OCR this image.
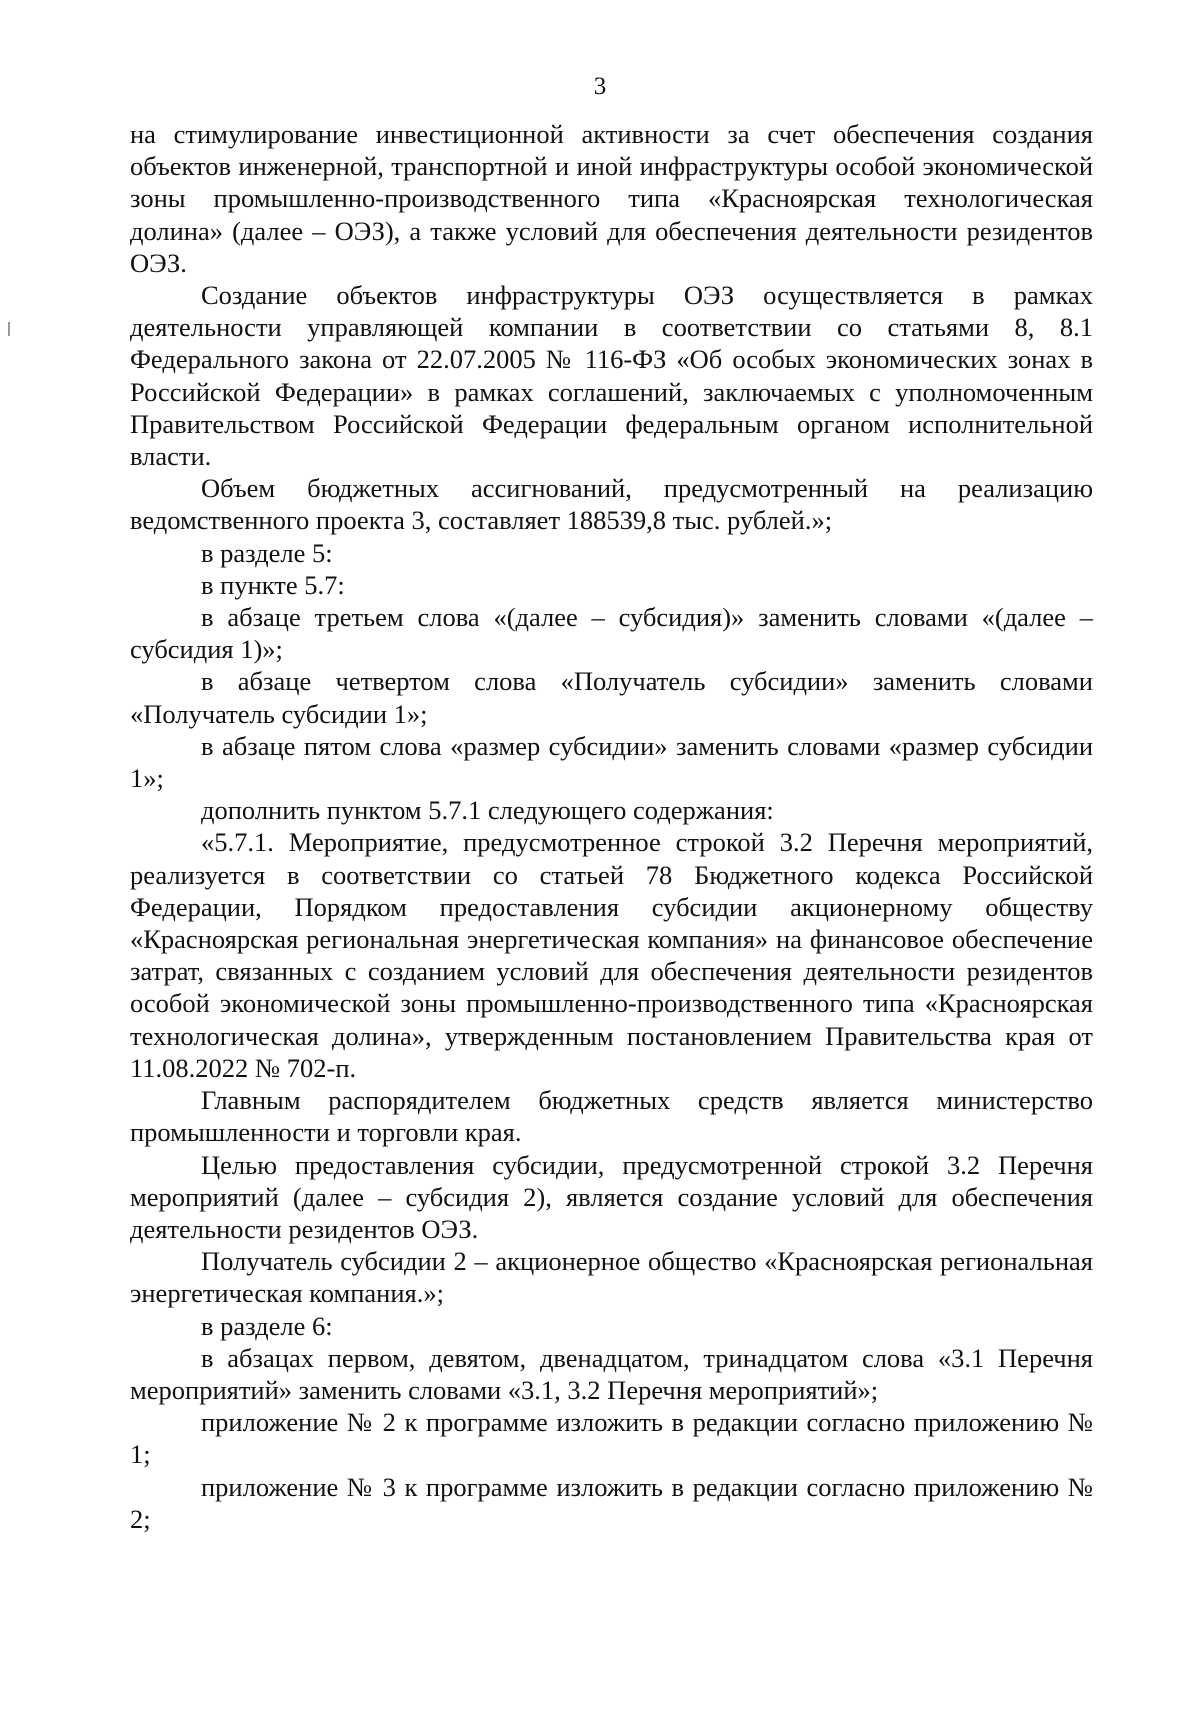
3

на стимулирование инвестиционной активности за счет обеспечения создания объектов инженерной, транспортной и иной инфраструктуры особой экономической зоны промышленно-производственного типа «Красноярская технологическая долина» (далее – ОЭЗ), а также условий для обеспечения деятельности резидентов ОЭЗ.

Создание объектов инфраструктуры ОЭЗ осуществляется в рамках деятельности управляющей компании в соответствии со статьями 8, 8.1 Федерального закона от 22.07.2005 № 116-ФЗ «Об особых экономических зонах в Российской Федерации» в рамках соглашений, заключаемых с уполномоченным Правительством Российской Федерации федеральным органом исполнительной власти.

Объем бюджетных ассигнований, предусмотренный на реализацию ведомственного проекта 3, составляет 188539,8 тыс. рублей.»;

в разделе 5:

в пункте 5.7:

в абзаце третьем слова «(далее – субсидия)» заменить словами «(далее – субсидия 1)»;

в абзаце четвертом слова «Получатель субсидии» заменить словами «Получатель субсидии 1»;

в абзаце пятом слова «размер субсидии» заменить словами «размер субсидии 1»;

дополнить пунктом 5.7.1 следующего содержания:

«5.7.1. Мероприятие, предусмотренное строкой 3.2 Перечня мероприятий, реализуется в соответствии со статьей 78 Бюджетного кодекса Российской Федерации, Порядком предоставления субсидии акционерному обществу «Красноярская региональная энергетическая компания» на финансовое обеспечение затрат, связанных с созданием условий для обеспечения деятельности резидентов особой экономической зоны промышленно-производственного типа «Красноярская технологическая долина», утвержденным постановлением Правительства края от 11.08.2022 № 702-п.

Главным распорядителем бюджетных средств является министерство промышленности и торговли края.

Целью предоставления субсидии, предусмотренной строкой 3.2 Перечня мероприятий (далее – субсидия 2), является создание условий для обеспечения деятельности резидентов ОЭЗ.

Получатель субсидии 2 – акционерное общество «Красноярская региональная энергетическая компания.»;

в разделе 6:

в абзацах первом, девятом, двенадцатом, тринадцатом слова «3.1 Перечня мероприятий» заменить словами «3.1, 3.2 Перечня мероприятий»;

приложение № 2 к программе изложить в редакции согласно приложению № 1;

приложение № 3 к программе изложить в редакции согласно приложению № 2;
